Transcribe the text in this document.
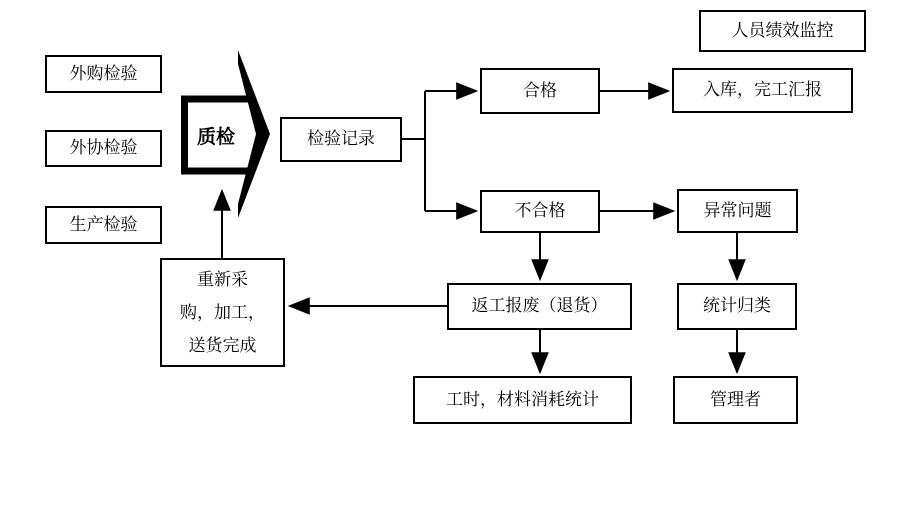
外购检验
外协检验
生产检验
质检	检验记录
合格
不合格
人员绩效监控
入库，完工汇报
异常问题
返工报废（退货）	统计归类
工时，材料消耗统计	管理者
重新采
购，加工，
送货完成
